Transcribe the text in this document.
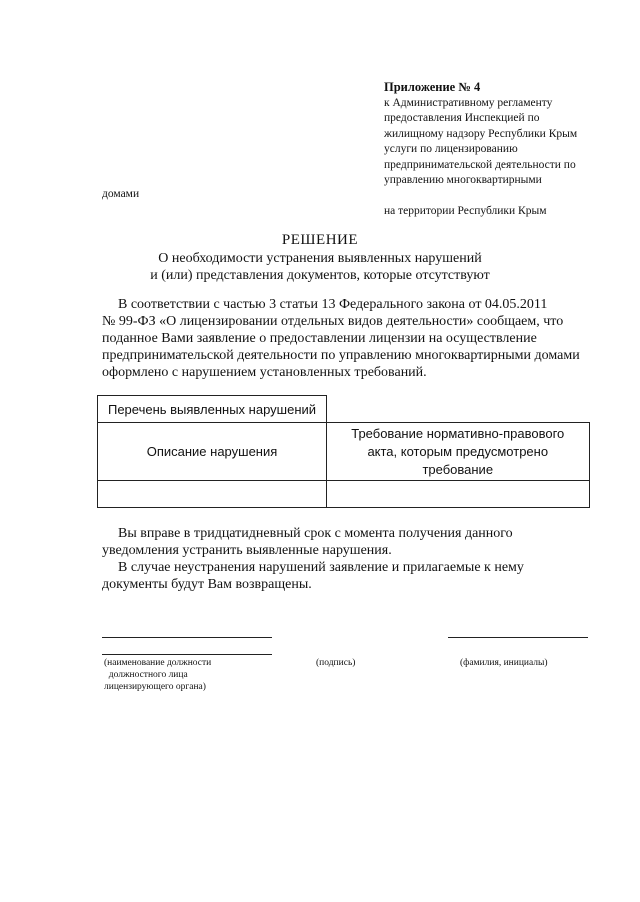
Приложение № 4
к Административному регламенту
предоставления Инспекцией по
жилищному надзору Республики Крым
услуги по лицензированию
предпринимательской деятельности по
управлению многоквартирными
домами
на территории Республики Крым
РЕШЕНИЕ
О необходимости устранения выявленных нарушений
и (или) представления документов, которые отсутствуют
В соответствии с частью 3 статьи 13 Федерального закона от 04.05.2011
№ 99-ФЗ «О лицензировании отдельных видов деятельности» сообщаем, что
поданное Вами заявление о предоставлении лицензии на осуществление
предпринимательской деятельности по управлению многоквартирными домами
оформлено с нарушением установленных требований.
Перечень выявленных нарушений	
Описание нарушения	Требование нормативно-правового акта, которым предусмотрено требование

Вы вправе в тридцатидневный срок с момента получения данного
уведомления устранить выявленные нарушения.
В случае неустранения нарушений заявление и прилагаемые к нему
документы будут Вам возвращены.
(наименование должности
должностного лица
лицензирующего органа)
(подпись)	(фамилия, инициалы)
